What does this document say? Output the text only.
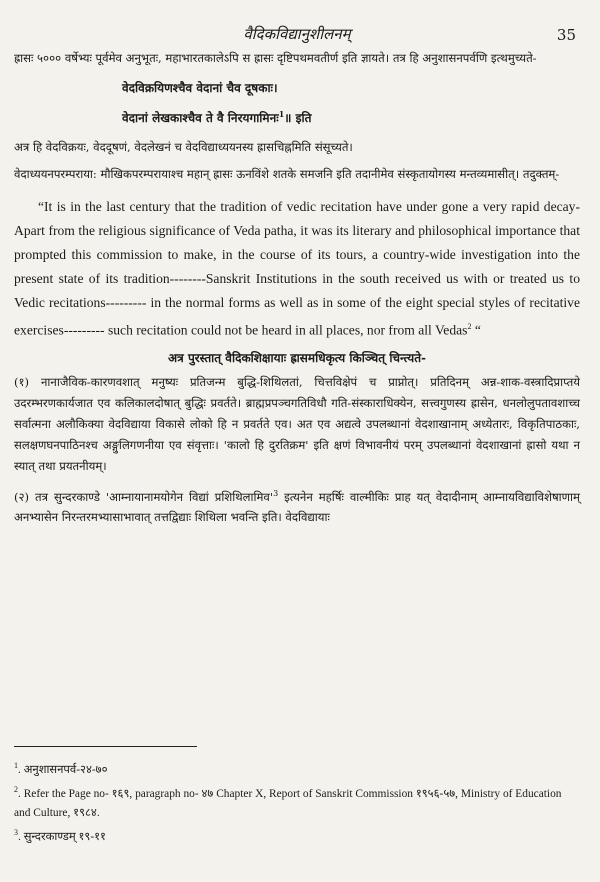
वैदिकविद्यानुशीलनम्	35

ह्रासः ५००० वर्षेभ्यः पूर्वमेव अनुभूतः, महाभारतकालेऽपि स ह्रासः दृष्टिपथमवतीर्ण इति ज्ञायते। तत्र हि अनुशासनपर्वणि इत्थमुच्यते-

वेदविक्रयिणश्चैव वेदानां चैव दूषकाः।

वेदानां लेखकाश्चैव ते वै निरयगामिनः$^1$॥ इति

अत्र हि वेदविक्रयः, वेददूषणं, वेदलेखनं च वेदविद्याध्ययनस्य ह्रासचिह्नमिति संसूच्यते।

वेदाध्ययनपरम्पराया: मौखिकपरम्परायाश्च महान् ह्रासः ऊनविंशे शतके समजनि इति तदानीमेव संस्कृतायोगस्य मन्तव्यमासीत्। तदुक्तम्-

“It is in the last century that the tradition of vedic recitation have under gone a very rapid decay- Apart from the religious significance of Veda patha, it was its literary and philosophical importance that prompted this commission to make, in the course of its tours, a country-wide investigation into the present state of its tradition--------Sanskrit Institutions in the south received us with or treated us to Vedic recitations--------- in the normal forms as well as in some of the eight special styles of recitative exercises--------- such recitation could not be heard in all places, nor from all Vedas$^2$ “

अत्र पुरस्तात् वैदिकशिक्षायाः ह्रासमधिकृत्य किञ्चित् चिन्त्यते-

(१) नानाजैविक-कारणवशात् मनुष्यः प्रतिजन्म बुद्धि-शिथिलतां, चित्तविक्षेपं च प्राप्नोत्। प्रतिदिनम् अन्न-शाक-वस्त्रादिप्राप्तये उदरम्भरणकार्यजात एव कलिकालदोषात् बुद्धिः प्रवर्तते। ब्राह्मप्रपञ्चगतिविधौ गति-संस्काराधिक्येन, सत्त्वगुणस्य ह्रासेन, धनलोलुपतावशाच्च सर्वात्मना अलौकिक्या वेदविद्याया विकासे लोको हि न प्रवर्तते एव। अत एव अद्यत्वे उपलब्धानां वेदशाखानाम् अध्येतारः, विकृतिपाठकाः, सलक्षणघनपाठिनश्च अङ्गुलिगणनीया एव संवृत्ताः। 'कालो हि दुरतिक्रम' इति क्षणं विभावनीयं परम् उपलब्धानां वेदशाखानां ह्रासो यथा न स्यात् तथा प्रयतनीयम्।

(२) तत्र सुन्दरकाण्डे 'आम्नायानामयोगेन विद्यां $प्रशिथिलामिव'^3$ इत्यनेन महर्षिः वाल्मीकिः प्राह यत् वेदादीनाम् आम्नायविद्याविशेषाणाम् अनभ्यासेन निरन्तरमभ्यासाभावात् तत्तद्विद्याः शिथिला भवन्ति इति। वेदविद्यायाः

$^1$. अनुशासनपर्व-२४-७०

$^2$. Refer the Page no- १६९, paragraph no- ४७ Chapter X, Report of Sanskrit Commission १९५६-५७, Ministry of Education and Culture, १९८४.

$^3$. सुन्दरकाण्डम् १९-११
